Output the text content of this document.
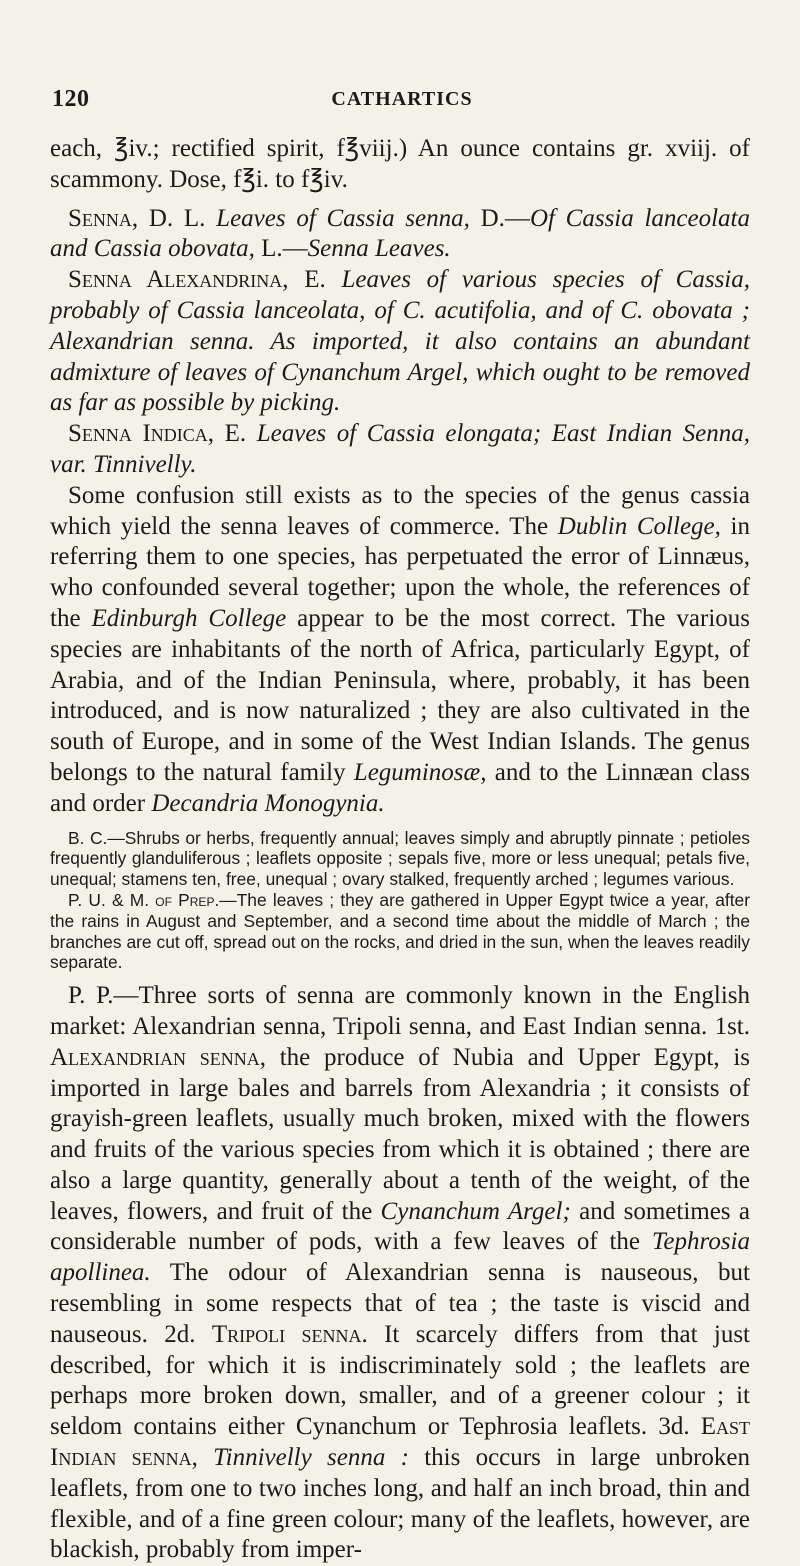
120	CATHARTICS

each, ℥iv.; rectified spirit, f℥viij.) An ounce contains gr. xviij. of scammony. Dose, f℥i. to f℥iv.

Senna, D. L. Leaves of Cassia senna, D.—Of Cassia lanceolata and Cassia obovata, L.—Senna Leaves.

Senna Alexandrina, E. Leaves of various species of Cassia, probably of Cassia lanceolata, of C. acutifolia, and of C. obovata ; Alexandrian senna. As imported, it also contains an abundant admixture of leaves of Cynanchum Argel, which ought to be removed as far as possible by picking.

Senna Indica, E. Leaves of Cassia elongata; East Indian Senna, var. Tinnivelly.

Some confusion still exists as to the species of the genus cassia which yield the senna leaves of commerce. The Dublin College, in referring them to one species, has perpetuated the error of Linnæus, who confounded several together; upon the whole, the references of the Edinburgh College appear to be the most correct. The various species are inhabitants of the north of Africa, particularly Egypt, of Arabia, and of the Indian Peninsula, where, probably, it has been introduced, and is now naturalized ; they are also cultivated in the south of Europe, and in some of the West Indian Islands. The genus belongs to the natural family Leguminosæ, and to the Linnæan class and order Decandria Monogynia.

B. C.—Shrubs or herbs, frequently annual; leaves simply and abruptly pinnate ; petioles frequently glanduliferous ; leaflets opposite ; sepals five, more or less unequal; petals five, unequal; stamens ten, free, unequal ; ovary stalked, frequently arched ; legumes various.

P. U. & M. of Prep.—The leaves ; they are gathered in Upper Egypt twice a year, after the rains in August and September, and a second time about the middle of March ; the branches are cut off, spread out on the rocks, and dried in the sun, when the leaves readily separate.

P. P.—Three sorts of senna are commonly known in the English market: Alexandrian senna, Tripoli senna, and East Indian senna. 1st. Alexandrian senna, the produce of Nubia and Upper Egypt, is imported in large bales and barrels from Alexandria ; it consists of grayish-green leaflets, usually much broken, mixed with the flowers and fruits of the various species from which it is obtained ; there are also a large quantity, generally about a tenth of the weight, of the leaves, flowers, and fruit of the Cynanchum Argel; and sometimes a considerable number of pods, with a few leaves of the Tephrosia apollinea. The odour of Alexandrian senna is nauseous, but resembling in some respects that of tea ; the taste is viscid and nauseous. 2d. Tripoli senna. It scarcely differs from that just described, for which it is indiscriminately sold ; the leaflets are perhaps more broken down, smaller, and of a greener colour ; it seldom contains either Cynanchum or Tephrosia leaflets. 3d. East Indian senna, Tinnivelly senna : this occurs in large unbroken leaflets, from one to two inches long, and half an inch broad, thin and flexible, and of a fine green colour; many of the leaflets, however, are blackish, probably from imper-
